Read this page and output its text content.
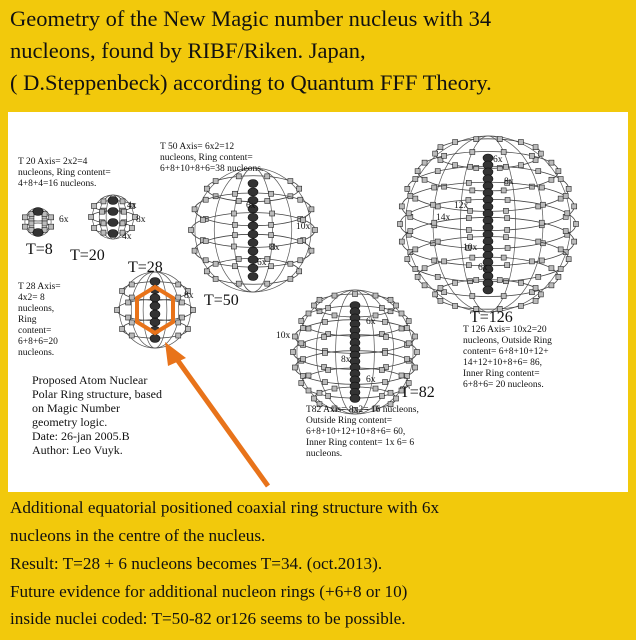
Geometry of the New Magic number nucleus with 34
nucleons, found by RIBF/Riken. Japan,
( D.Steppenbeck) according to Quantum FFF Theory.
T 20 Axis= 2x2=4
nucleons, Ring content=
4+8+4=16 nucleons.
T 50 Axis= 6x2=12
nucleons, Ring content=
6+8+10+8+6=38 nucleons.
T 28 Axis=
4x2= 8
nucleons,
Ring
content=
6+8+6=20
nucleons.
Proposed Atom Nuclear
Polar Ring structure, based
on Magic Number
geometry logic.
Date: 26-jan 2005.B
Author: Leo Vuyk.
T 126 Axis= 10x2=20
nucleons, Outside Ring
content= 6+8+10+12+
14+12+10+8+6= 86,
Inner Ring content=
6+8+6= 20 nucleons.
T82 Axis= 8x2= 16 nucleons,
Outside Ring content=
6+8+10+12+10+8+6= 60,
Inner Ring content= 1x 6= 6
nucleons.
T=8 T=20
T=28
T=50
T=82
T=126
6x
4x
8x
4x
8x
6x
10x
8x
6x
6x
8x
12x
14x
10x
6x
6x
10x
8x
6x
Additional equatorial positioned coaxial ring structure with 6x
nucleons in the centre of the nucleus.
Result: T=28 + 6 nucleons becomes T=34. (oct.2013).
Future evidence for additional nucleon rings (+6+8 or 10)
inside nuclei coded: T=50-82 or126 seems to be possible.
